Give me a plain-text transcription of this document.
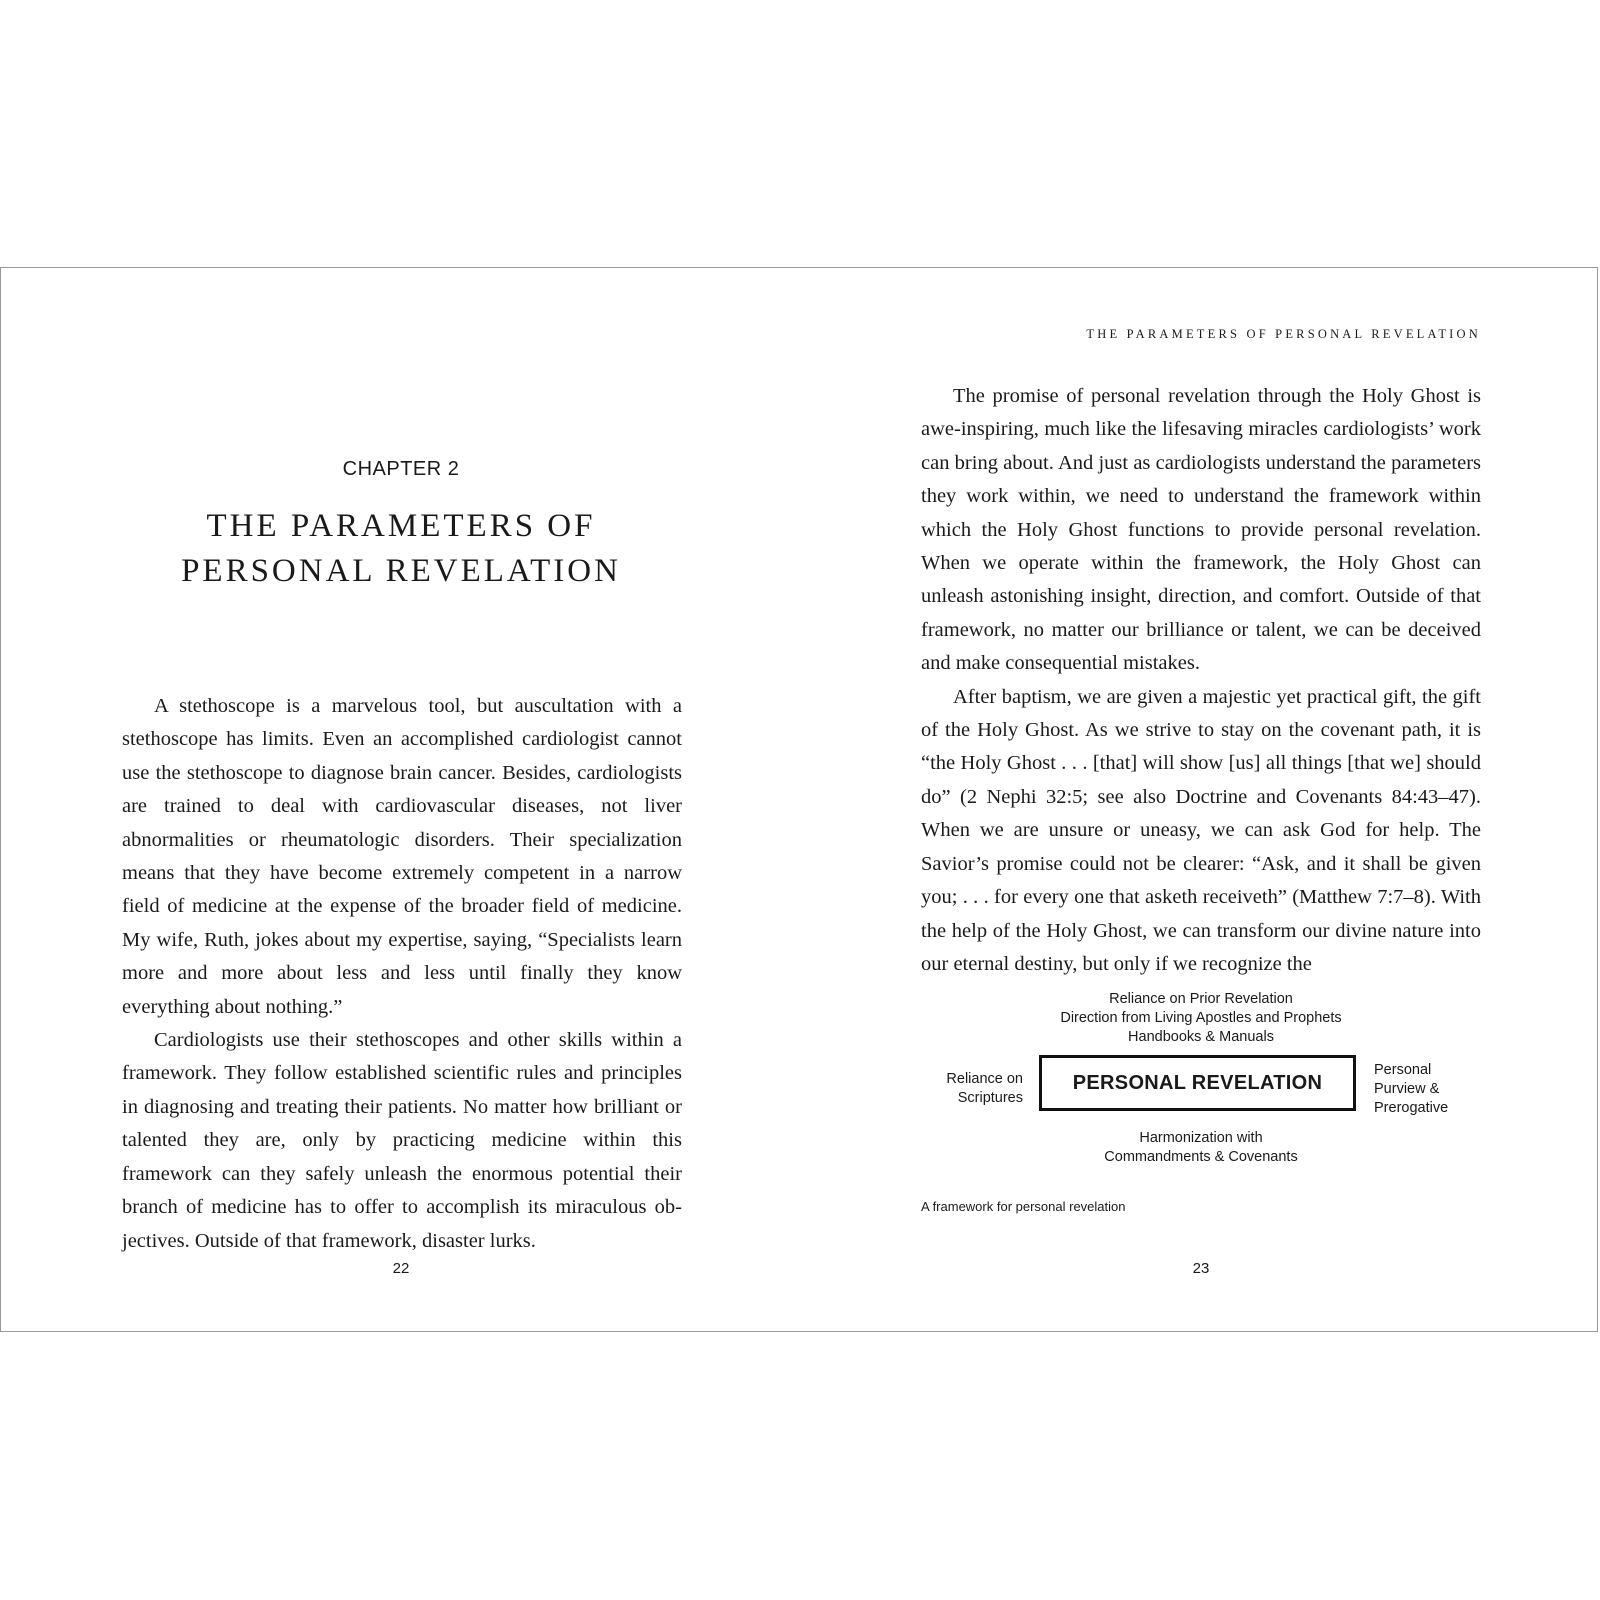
CHAPTER 2
THE PARAMETERS OF
PERSONAL REVELATION

A stethoscope is a marvelous tool, but auscultation with a stethoscope has limits. Even an accomplished cardiologist cannot use the stethoscope to diagnose brain cancer. Besides, cardiologists are trained to deal with cardiovascular diseases, not liver abnormalities or rheumatologic disorders. Their specialization means that they have become extremely competent in a narrow field of medicine at the expense of the broader field of medicine. My wife, Ruth, jokes about my expertise, saying, “Specialists learn more and more about less and less until finally they know everything about nothing.”

Cardiologists use their stethoscopes and other skills within a framework. They follow established scientific rules and principles in diagnosing and treating their patients. No matter how brilliant or talented they are, only by practicing medicine within this framework can they safely unleash the enormous potential their branch of medicine has to offer to accomplish its miraculous objectives. Outside of that framework, disaster lurks.

22
THE PARAMETERS OF PERSONAL REVELATION

The promise of personal revelation through the Holy Ghost is awe-inspiring, much like the lifesaving miracles cardiologists’ work can bring about. And just as cardiologists understand the parameters they work within, we need to understand the framework within which the Holy Ghost functions to provide personal revelation. When we operate within the framework, the Holy Ghost can unleash astonishing insight, direction, and comfort. Outside of that framework, no matter our brilliance or talent, we can be deceived and make consequential mistakes.

After baptism, we are given a majestic yet practical gift, the gift of the Holy Ghost. As we strive to stay on the covenant path, it is “the Holy Ghost . . . [that] will show [us] all things [that we] should do” (2 Nephi 32:5; see also Doctrine and Covenants 84:43–47). When we are unsure or uneasy, we can ask God for help. The Savior’s promise could not be clearer: “Ask, and it shall be given you; . . . for every one that asketh receiveth” (Matthew 7:7–8). With the help of the Holy Ghost, we can transform our divine nature into our eternal destiny, but only if we recognize the

Reliance on Prior Revelation
Direction from Living Apostles and Prophets
Handbooks & Manuals
Reliance on
Scriptures
PERSONAL REVELATION
Personal
Purview &
Prerogative
Harmonization with
Commandments & Covenants
A framework for personal revelation
23
